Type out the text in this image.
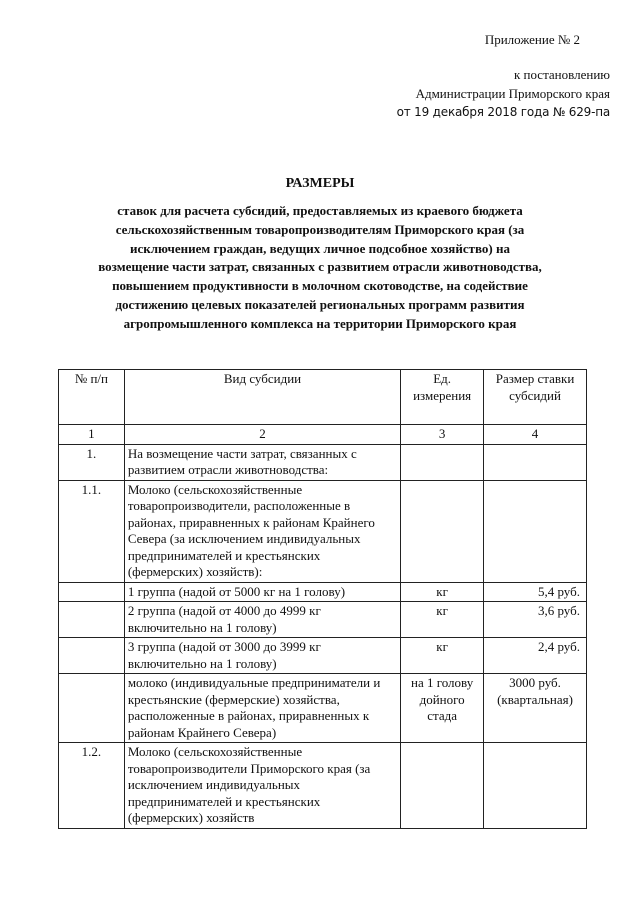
Приложение № 2
к постановлению
Администрации Приморского края
от 19 декабря 2018 года № 629-па
РАЗМЕРЫ
ставок для расчета субсидий, предоставляемых из краевого бюджета сельскохозяйственным товаропроизводителям Приморского края (за исключением граждан, ведущих личное подсобное хозяйство) на возмещение части затрат, связанных с развитием отрасли животноводства, повышением продуктивности в молочном скотоводстве, на содействие достижению целевых показателей региональных программ развития агропромышленного комплекса на территории Приморского края
№ п/п	Вид субсидии	Ед. измерения	Размер ставки субсидий
1	2	3	4
1.	На возмещение части затрат, связанных с развитием отрасли животноводства:		
1.1.	Молоко (сельскохозяйственные товаропроизводители, расположенные в районах, приравненных к районам Крайнего Севера (за исключением индивидуальных предпринимателей и крестьянских (фермерских) хозяйств):		
	1 группа (надой от 5000 кг на 1 голову)	кг	5,4 руб.
	2 группа (надой от 4000 до 4999 кг включительно на 1 голову)	кг	3,6 руб.
	3 группа (надой от 3000 до 3999 кг включительно на 1 голову)	кг	2,4 руб.
	молоко (индивидуальные предприниматели и крестьянские (фермерские) хозяйства, расположенные в районах, приравненных к районам Крайнего Севера)	на 1 голову дойного стада	3000 руб. (квартальная)
1.2.	Молоко (сельскохозяйственные товаропроизводители Приморского края (за исключением индивидуальных предпринимателей и крестьянских (фермерских) хозяйств		
